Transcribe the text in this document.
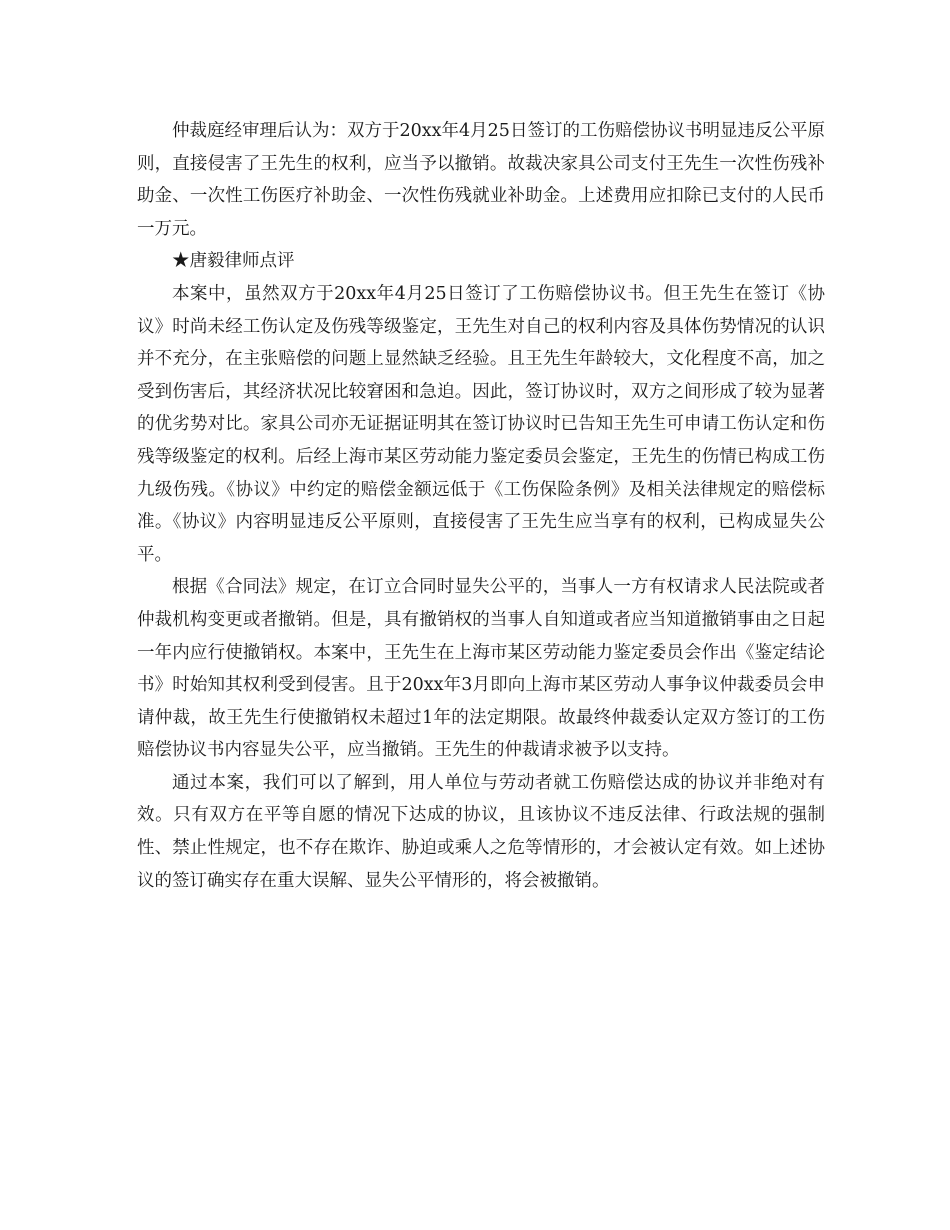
仲裁庭经审理后认为：双方于20xx年4月25日签订的工伤赔偿协议书明显违反公平原则，直接侵害了王先生的权利，应当予以撤销。故裁决家具公司支付王先生一次性伤残补助金、一次性工伤医疗补助金、一次性伤残就业补助金。上述费用应扣除已支付的人民币一万元。

★唐毅律师点评

本案中，虽然双方于20xx年4月25日签订了工伤赔偿协议书。但王先生在签订《协议》时尚未经工伤认定及伤残等级鉴定，王先生对自己的权利内容及具体伤势情况的认识并不充分，在主张赔偿的问题上显然缺乏经验。且王先生年龄较大，文化程度不高，加之受到伤害后，其经济状况比较窘困和急迫。因此，签订协议时，双方之间形成了较为显著的优劣势对比。家具公司亦无证据证明其在签订协议时已告知王先生可申请工伤认定和伤残等级鉴定的权利。后经上海市某区劳动能力鉴定委员会鉴定，王先生的伤情已构成工伤九级伤残。《协议》中约定的赔偿金额远低于《工伤保险条例》及相关法律规定的赔偿标准。《协议》内容明显违反公平原则，直接侵害了王先生应当享有的权利，已构成显失公平。

根据《合同法》规定，在订立合同时显失公平的，当事人一方有权请求人民法院或者仲裁机构变更或者撤销。但是，具有撤销权的当事人自知道或者应当知道撤销事由之日起一年内应行使撤销权。本案中，王先生在上海市某区劳动能力鉴定委员会作出《鉴定结论书》时始知其权利受到侵害。且于20xx年3月即向上海市某区劳动人事争议仲裁委员会申请仲裁，故王先生行使撤销权未超过1年的法定期限。故最终仲裁委认定双方签订的工伤赔偿协议书内容显失公平，应当撤销。王先生的仲裁请求被予以支持。

通过本案，我们可以了解到，用人单位与劳动者就工伤赔偿达成的协议并非绝对有效。只有双方在平等自愿的情况下达成的协议，且该协议不违反法律、行政法规的强制性、禁止性规定，也不存在欺诈、胁迫或乘人之危等情形的，才会被认定有效。如上述协议的签订确实存在重大误解、显失公平情形的，将会被撤销。
